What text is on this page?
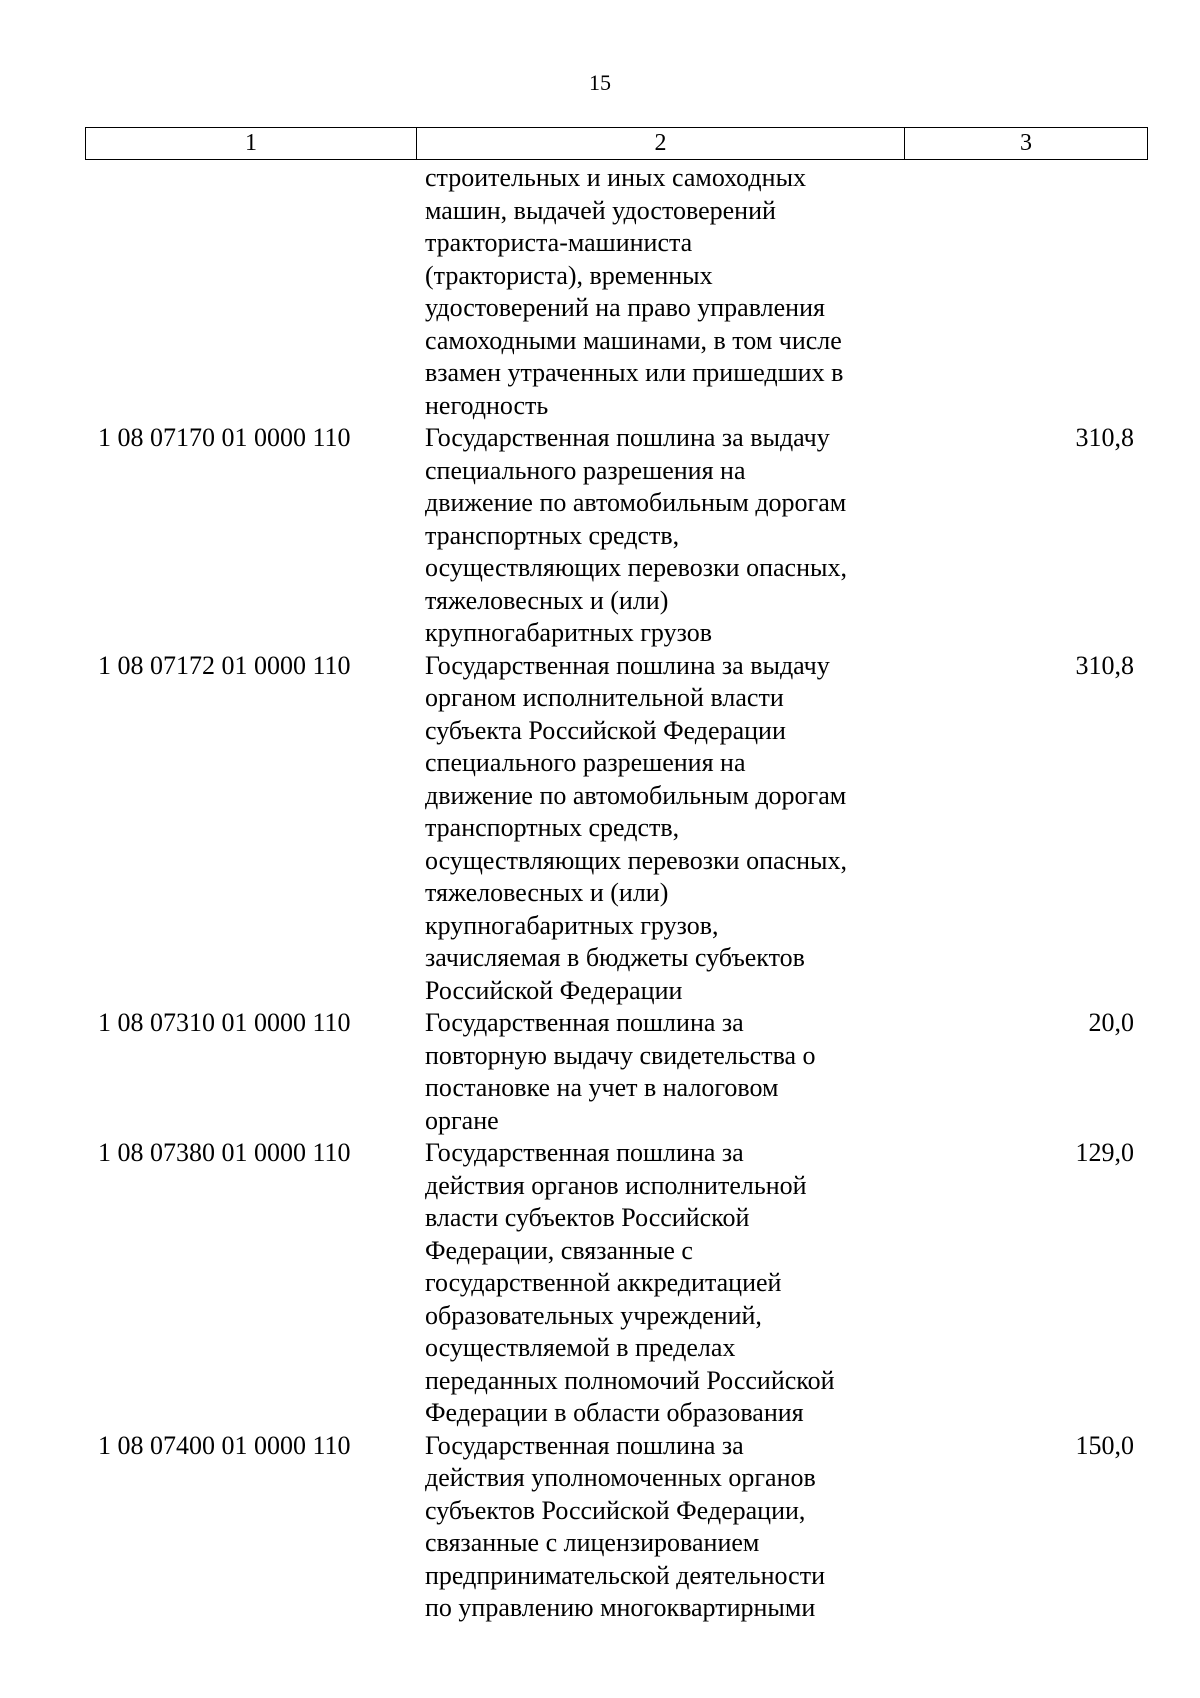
15
1	2	3
строительных и иных самоходных
машин, выдачей удостоверений
тракториста-машиниста
(тракториста), временных
удостоверений на право управления
самоходными машинами, в том числе
взамен утраченных или пришедших в
негодность
1 08 07170 01 0000 110	Государственная пошлина за выдачу
специального разрешения на
движение по автомобильным дорогам
транспортных средств,
осуществляющих перевозки опасных,
тяжеловесных и (или)
крупногабаритных грузов
310,8
1 08 07172 01 0000 110	Государственная пошлина за выдачу
органом исполнительной власти
субъекта Российской Федерации
специального разрешения на
движение по автомобильным дорогам
транспортных средств,
осуществляющих перевозки опасных,
тяжеловесных и (или)
крупногабаритных грузов,
зачисляемая в бюджеты субъектов
Российской Федерации
310,8
1 08 07310 01 0000 110	Государственная пошлина за
повторную выдачу свидетельства о
постановке на учет в налоговом
органе
20,0
1 08 07380 01 0000 110	Государственная пошлина за
действия органов исполнительной
власти субъектов Российской
Федерации, связанные с
государственной аккредитацией
образовательных учреждений,
осуществляемой в пределах
переданных полномочий Российской
Федерации в области образования
129,0
1 08 07400 01 0000 110	Государственная пошлина за
действия уполномоченных органов
субъектов Российской Федерации,
связанные с лицензированием
предпринимательской деятельности
по управлению многоквартирными
150,0
